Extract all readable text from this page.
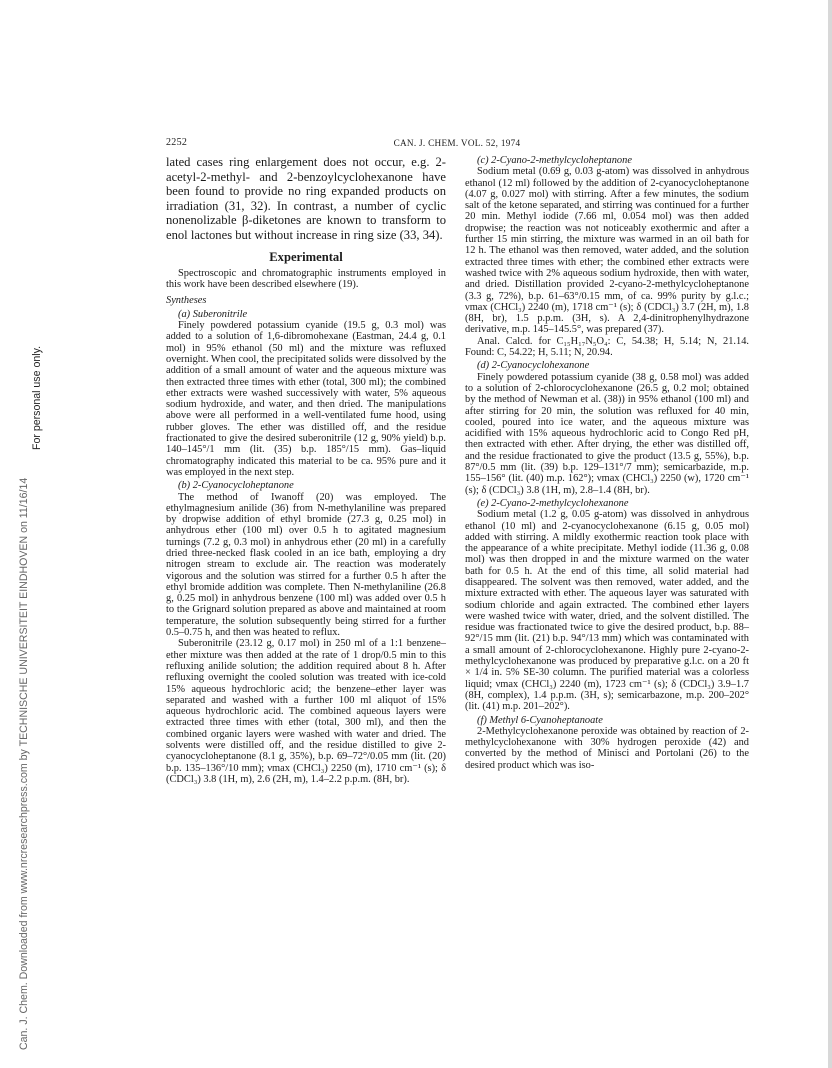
2252	CAN. J. CHEM. VOL. 52, 1974
Can. J. Chem. Downloaded from www.nrcresearchpress.com by TECHNISCHE UNIVERSITEIT EINDHOVEN on 11/16/14
For personal use only.

lated cases ring enlargement does not occur, e.g. 2-acetyl-2-methyl- and 2-benzoylcyclohexanone have been found to provide no ring expanded products on irradiation (31, 32). In contrast, a number of cyclic nonenolizable β-diketones are known to transform to enol lactones but without increase in ring size (33, 34).

Experimental

Spectroscopic and chromatographic instruments employed in this work have been described elsewhere (19).

Syntheses
(a) Suberonitrile

Finely powdered potassium cyanide (19.5 g, 0.3 mol) was added to a solution of 1,6-dibromohexane (Eastman, 24.4 g, 0.1 mol) in 95% ethanol (50 ml) and the mixture was refluxed overnight. When cool, the precipitated solids were dissolved by the addition of a small amount of water and the aqueous mixture was then extracted three times with ether (total, 300 ml); the combined ether extracts were washed successively with water, 5% aqueous sodium hydroxide, and water, and then dried. The manipulations above were all performed in a well-ventilated fume hood, using rubber gloves. The ether was distilled off, and the residue fractionated to give the desired suberonitrile (12 g, 90% yield) b.p. 140–145°/1 mm (lit. (35) b.p. 185°/15 mm). Gas–liquid chromatography indicated this material to be ca. 95% pure and it was employed in the next step.

(b) 2-Cyanocycloheptanone

The method of Iwanoff (20) was employed. The ethylmagnesium anilide (36) from N-methylaniline was prepared by dropwise addition of ethyl bromide (27.3 g, 0.25 mol) in anhydrous ether (100 ml) over 0.5 h to agitated magnesium turnings (7.2 g, 0.3 mol) in anhydrous ether (20 ml) in a carefully dried three-necked flask cooled in an ice bath, employing a dry nitrogen stream to exclude air. The reaction was moderately vigorous and the solution was stirred for a further 0.5 h after the ethyl bromide addition was complete. Then N-methylaniline (26.8 g, 0.25 mol) in anhydrous benzene (100 ml) was added over 0.5 h to the Grignard solution prepared as above and maintained at room temperature, the solution subsequently being stirred for a further 0.5–0.75 h, and then was heated to reflux.

Suberonitrile (23.12 g, 0.17 mol) in 250 ml of a 1:1 benzene–ether mixture was then added at the rate of 1 drop/0.5 min to this refluxing anilide solution; the addition required about 8 h. After refluxing overnight the cooled solution was treated with ice-cold 15% aqueous hydrochloric acid; the benzene–ether layer was separated and washed with a further 100 ml aliquot of 15% aqueous hydrochloric acid. The combined aqueous layers were extracted three times with ether (total, 300 ml), and then the combined organic layers were washed with water and dried. The solvents were distilled off, and the residue distilled to give 2-cyanocycloheptanone (8.1 g, 35%), b.p. 69–72°/0.05 mm (lit. (20) b.p. 135–136°/10 mm); νmax (CHCl₃) 2250 (m), 1710 cm⁻¹ (s); δ (CDCl₃) 3.8 (1H, m), 2.6 (2H, m), 1.4–2.2 p.p.m. (8H, br).

(c) 2-Cyano-2-methylcycloheptanone

Sodium metal (0.69 g, 0.03 g-atom) was dissolved in anhydrous ethanol (12 ml) followed by the addition of 2-cyanocycloheptanone (4.07 g, 0.027 mol) with stirring. After a few minutes, the sodium salt of the ketone separated, and stirring was continued for a further 20 min. Methyl iodide (7.66 ml, 0.054 mol) was then added dropwise; the reaction was not noticeably exothermic and after a further 15 min stirring, the mixture was warmed in an oil bath for 12 h. The ethanol was then removed, water added, and the solution extracted three times with ether; the combined ether extracts were washed twice with 2% aqueous sodium hydroxide, then with water, and dried. Distillation provided 2-cyano-2-methylcycloheptanone (3.3 g, 72%), b.p. 61–63°/0.15 mm, of ca. 99% purity by g.l.c.; νmax (CHCl₃) 2240 (m), 1718 cm⁻¹ (s); δ (CDCl₃) 3.7 (2H, m), 1.8 (8H, br), 1.5 p.p.m. (3H, s). A 2,4-dinitrophenylhydrazone derivative, m.p. 145–145.5°, was prepared (37).

Anal. Calcd. for C₁₅H₁₇N₅O₄: C, 54.38; H, 5.14; N, 21.14. Found: C, 54.22; H, 5.11; N, 20.94.

(d) 2-Cyanocyclohexanone

Finely powdered potassium cyanide (38 g, 0.58 mol) was added to a solution of 2-chlorocyclohexanone (26.5 g, 0.2 mol; obtained by the method of Newman et al. (38)) in 95% ethanol (100 ml) and after stirring for 20 min, the solution was refluxed for 40 min, cooled, poured into ice water, and the aqueous mixture was acidified with 15% aqueous hydrochloric acid to Congo Red pH, then extracted with ether. After drying, the ether was distilled off, and the residue fractionated to give the product (13.5 g, 55%), b.p. 87°/0.5 mm (lit. (39) b.p. 129–131°/7 mm); semicarbazide, m.p. 155–156° (lit. (40) m.p. 162°); νmax (CHCl₃) 2250 (w), 1720 cm⁻¹ (s); δ (CDCl₃) 3.8 (1H, m), 2.8–1.4 (8H, br).

(e) 2-Cyano-2-methylcyclohexanone

Sodium metal (1.2 g, 0.05 g-atom) was dissolved in anhydrous ethanol (10 ml) and 2-cyanocyclohexanone (6.15 g, 0.05 mol) added with stirring. A mildly exothermic reaction took place with the appearance of a white precipitate. Methyl iodide (11.36 g, 0.08 mol) was then dropped in and the mixture warmed on the water bath for 0.5 h. At the end of this time, all solid material had disappeared. The solvent was then removed, water added, and the mixture extracted with ether. The aqueous layer was saturated with sodium chloride and again extracted. The combined ether layers were washed twice with water, dried, and the solvent distilled. The residue was fractionated twice to give the desired product, b.p. 88–92°/15 mm (lit. (21) b.p. 94°/13 mm) which was contaminated with a small amount of 2-chlorocyclohexanone. Highly pure 2-cyano-2-methylcyclohexanone was produced by preparative g.l.c. on a 20 ft × 1/4 in. 5% SE-30 column. The purified material was a colorless liquid; νmax (CHCl₃) 2240 (m), 1723 cm⁻¹ (s); δ (CDCl₃) 3.9–1.7 (8H, complex), 1.4 p.p.m. (3H, s); semicarbazone, m.p. 200–202° (lit. (41) m.p. 201–202°).

(f) Methyl 6-Cyanoheptanoate

2-Methylcyclohexanone peroxide was obtained by reaction of 2-methylcyclohexanone with 30% hydrogen peroxide (42) and converted by the method of Minisci and Portolani (26) to the desired product which was iso-
